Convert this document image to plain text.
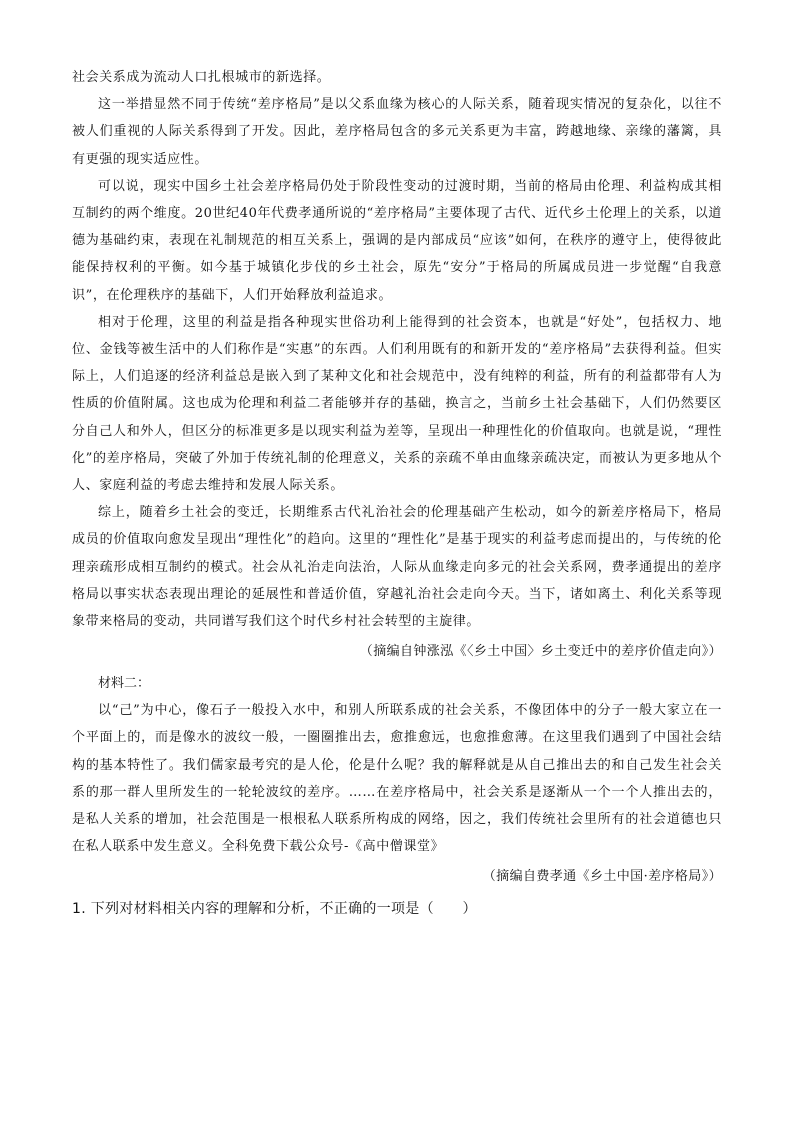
社会关系成为流动人口扎根城市的新选择。

这一举措显然不同于传统“差序格局”是以父系血缘为核心的人际关系，随着现实情况的复杂化，以往不被人们重视的人际关系得到了开发。因此，差序格局包含的多元关系更为丰富，跨越地缘、亲缘的藩篱，具有更强的现实适应性。

可以说，现实中国乡土社会差序格局仍处于阶段性变动的过渡时期，当前的格局由伦理、利益构成其相互制约的两个维度。20世纪40年代费孝通所说的“差序格局”主要体现了古代、近代乡土伦理上的关系，以道德为基础约束，表现在礼制规范的相互关系上，强调的是内部成员“应该”如何，在秩序的遵守上，使得彼此能保持权利的平衡。如今基于城镇化步伐的乡土社会，原先“安分”于格局的所属成员进一步觉醒“自我意识”，在伦理秩序的基础下，人们开始释放利益追求。

相对于伦理，这里的利益是指各种现实世俗功利上能得到的社会资本，也就是“好处”，包括权力、地位、金钱等被生活中的人们称作是“实惠”的东西。人们利用既有的和新开发的“差序格局”去获得利益。但实际上，人们追逐的经济利益总是嵌入到了某种文化和社会规范中，没有纯粹的利益，所有的利益都带有人为性质的价值附属。这也成为伦理和利益二者能够并存的基础，换言之，当前乡土社会基础下，人们仍然要区分自己人和外人，但区分的标准更多是以现实利益为差等，呈现出一种理性化的价值取向。也就是说，“理性化”的差序格局，突破了外加于传统礼制的伦理意义，关系的亲疏不单由血缘亲疏决定，而被认为更多地从个人、家庭利益的考虑去维持和发展人际关系。

综上，随着乡土社会的变迁，长期维系古代礼治社会的伦理基础产生松动，如今的新差序格局下，格局成员的价值取向愈发呈现出“理性化”的趋向。这里的“理性化”是基于现实的利益考虑而提出的，与传统的伦理亲疏形成相互制约的模式。社会从礼治走向法治，人际从血缘走向多元的社会关系网，费孝通提出的差序格局以事实状态表现出理论的延展性和普适价值，穿越礼治社会走向今天。当下，诸如离土、利化关系等现象带来格局的变动，共同谱写我们这个时代乡村社会转型的主旋律。

（摘编自钟涨泓《〈乡土中国〉乡土变迁中的差序价值走向》）

材料二：

以“己”为中心，像石子一般投入水中，和别人所联系成的社会关系，不像团体中的分子一般大家立在一个平面上的，而是像水的波纹一般，一圈圈推出去，愈推愈远，也愈推愈薄。在这里我们遇到了中国社会结构的基本特性了。我们儒家最考究的是人伦，伦是什么呢？我的解释就是从自己推出去的和自己发生社会关系的那一群人里所发生的一轮轮波纹的差序。……在差序格局中，社会关系是逐渐从一个一个人推出去的，是私人关系的增加，社会范围是一根根私人联系所构成的网络，因之，我们传统社会里所有的社会道德也只在私人联系中发生意义。全科免费下载公众号-《高中僧课堂》

（摘编自费孝通《乡土中国·差序格局》）

1. 下列对材料相关内容的理解和分析，不正确的一项是（　　）
